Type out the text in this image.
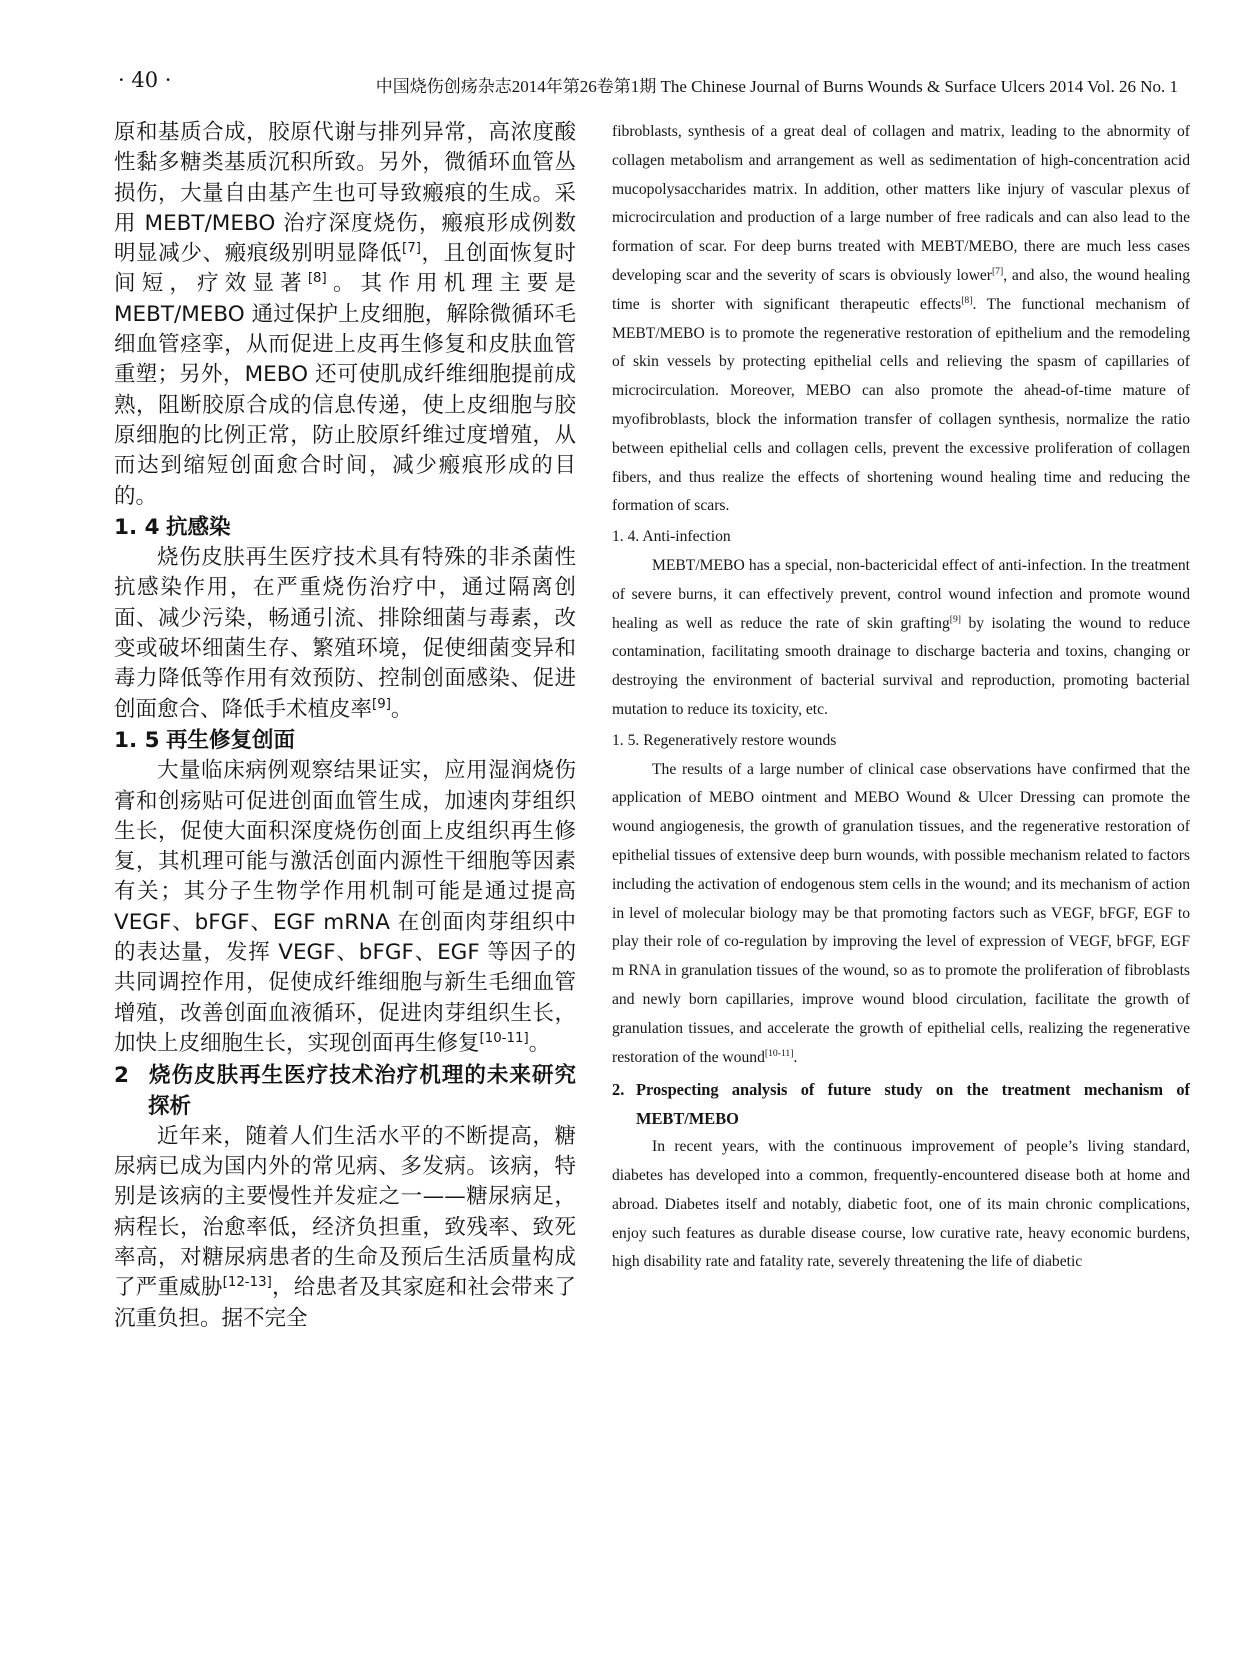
· 40 ·	中国烧伤创疡杂志2014年第26卷第1期 The Chinese Journal of Burns Wounds & Surface Ulcers 2014 Vol. 26 No. 1

原和基质合成，胶原代谢与排列异常，高浓度酸性黏多糖类基质沉积所致。另外，微循环血管丛损伤，大量自由基产生也可导致瘢痕的生成。采用 MEBT/MEBO 治疗深度烧伤，瘢痕形成例数明显减少、瘢痕级别明显降低[7]，且创面恢复时间短，疗效显著[8]。其作用机理主要是 MEBT/MEBO 通过保护上皮细胞，解除微循环毛细血管痉挛，从而促进上皮再生修复和皮肤血管重塑；另外，MEBO 还可使肌成纤维细胞提前成熟，阻断胶原合成的信息传递，使上皮细胞与胶原细胞的比例正常，防止胶原纤维过度增殖，从而达到缩短创面愈合时间，减少瘢痕形成的目的。

1. 4 抗感染

烧伤皮肤再生医疗技术具有特殊的非杀菌性抗感染作用，在严重烧伤治疗中，通过隔离创面、减少污染，畅通引流、排除细菌与毒素，改变或破坏细菌生存、繁殖环境，促使细菌变异和毒力降低等作用有效预防、控制创面感染、促进创面愈合、降低手术植皮率[9]。

1. 5 再生修复创面

大量临床病例观察结果证实，应用湿润烧伤膏和创疡贴可促进创面血管生成，加速肉芽组织生长，促使大面积深度烧伤创面上皮组织再生修复，其机理可能与激活创面内源性干细胞等因素有关；其分子生物学作用机制可能是通过提高 VEGF、bFGF、EGF mRNA 在创面肉芽组织中的表达量，发挥 VEGF、bFGF、EGF 等因子的共同调控作用，促使成纤维细胞与新生毛细血管增殖，改善创面血液循环，促进肉芽组织生长，加快上皮细胞生长，实现创面再生修复[10-11]。

2 烧伤皮肤再生医疗技术治疗机理的未来研究探析

近年来，随着人们生活水平的不断提高，糖尿病已成为国内外的常见病、多发病。该病，特别是该病的主要慢性并发症之一——糖尿病足，病程长，治愈率低，经济负担重，致残率、致死率高，对糖尿病患者的生命及预后生活质量构成了严重威胁[12-13]，给患者及其家庭和社会带来了沉重负担。据不完全

fibroblasts, synthesis of a great deal of collagen and matrix, leading to the abnormity of collagen metabolism and arrangement as well as sedimentation of high-concentration acid mucopolysaccharides matrix. In addition, other matters like injury of vascular plexus of microcirculation and production of a large number of free radicals and can also lead to the formation of scar. For deep burns treated with MEBT/MEBO, there are much less cases developing scar and the severity of scars is obviously lower[7], and also, the wound healing time is shorter with significant therapeutic effects[8]. The functional mechanism of MEBT/MEBO is to promote the regenerative restoration of epithelium and the remodeling of skin vessels by protecting epithelial cells and relieving the spasm of capillaries of microcirculation. Moreover, MEBO can also promote the ahead-of-time mature of myofibroblasts, block the information transfer of collagen synthesis, normalize the ratio between epithelial cells and collagen cells, prevent the excessive proliferation of collagen fibers, and thus realize the effects of shortening wound healing time and reducing the formation of scars.

1. 4. Anti-infection

MEBT/MEBO has a special, non-bactericidal effect of anti-infection. In the treatment of severe burns, it can effectively prevent, control wound infection and promote wound healing as well as reduce the rate of skin grafting[9] by isolating the wound to reduce contamination, facilitating smooth drainage to discharge bacteria and toxins, changing or destroying the environment of bacterial survival and reproduction, promoting bacterial mutation to reduce its toxicity, etc.

1. 5. Regeneratively restore wounds

The results of a large number of clinical case observations have confirmed that the application of MEBO ointment and MEBO Wound & Ulcer Dressing can promote the wound angiogenesis, the growth of granulation tissues, and the regenerative restoration of epithelial tissues of extensive deep burn wounds, with possible mechanism related to factors including the activation of endogenous stem cells in the wound; and its mechanism of action in level of molecular biology may be that promoting factors such as VEGF, bFGF, EGF to play their role of co-regulation by improving the level of expression of VEGF, bFGF, EGF m RNA in granulation tissues of the wound, so as to promote the proliferation of fibroblasts and newly born capillaries, improve wound blood circulation, facilitate the growth of granulation tissues, and accelerate the growth of epithelial cells, realizing the regenerative restoration of the wound[10-11].

2. Prospecting analysis of future study on the treatment mechanism of MEBT/MEBO

In recent years, with the continuous improvement of people’s living standard, diabetes has developed into a common, frequently-encountered disease both at home and abroad. Diabetes itself and notably, diabetic foot, one of its main chronic complications, enjoy such features as durable disease course, low curative rate, heavy economic burdens, high disability rate and fatality rate, severely threatening the life of diabetic
